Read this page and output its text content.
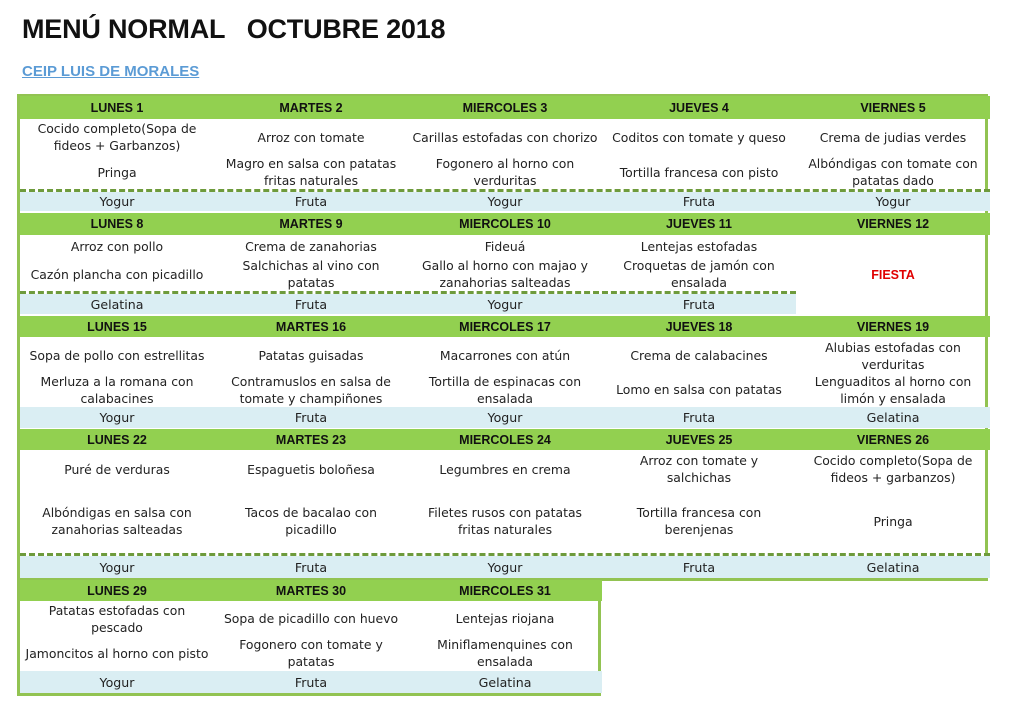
MENÚ NORMAL   OCTUBRE 2018
CEIP LUIS DE MORALES
LUNES 1
Cocido completo(Sopa de fideos + Garbanzos)
Pringa
Yogur
MARTES 2
Arroz con tomate
Magro en salsa con patatas fritas naturales
Fruta
MIERCOLES 3
Carillas estofadas con chorizo
Fogonero al horno con verduritas
Yogur
JUEVES 4
Coditos con tomate y queso
Tortilla francesa con pisto
Fruta
VIERNES 5
Crema de judias verdes
Albóndigas con tomate con patatas dado
Yogur
LUNES 8
Arroz con pollo
Cazón plancha con picadillo
Gelatina
MARTES 9
Crema de zanahorias
Salchichas al vino con patatas
Fruta
MIERCOLES 10
Fideuá
Gallo al horno con majao y zanahorias salteadas
Yogur
JUEVES 11
Lentejas estofadas
Croquetas de jamón con ensalada
Fruta
VIERNES 12
FIESTA
LUNES 15
Sopa de pollo con estrellitas
Merluza a la romana con calabacines
Yogur
MARTES 16
Patatas guisadas
Contramuslos en salsa de tomate y champiñones
Fruta
MIERCOLES 17
Macarrones con atún
Tortilla de espinacas con ensalada
Yogur
JUEVES 18
Crema de calabacines
Lomo en salsa con patatas
Fruta
VIERNES 19
Alubias estofadas con verduritas
Lenguaditos al horno con limón y ensalada
Gelatina
LUNES 22
Puré de verduras
Albóndigas en salsa con zanahorias salteadas
Yogur
MARTES 23
Espaguetis boloñesa
Tacos de bacalao con picadillo
Fruta
MIERCOLES 24
Legumbres en crema
Filetes rusos con patatas fritas naturales
Yogur
JUEVES 25
Arroz con tomate y salchichas
Tortilla francesa con berenjenas
Fruta
VIERNES 26
Cocido completo(Sopa de fideos + garbanzos)
Pringa
Gelatina
LUNES 29
Patatas estofadas con pescado
Jamoncitos al horno con pisto
Yogur
MARTES 30
Sopa de picadillo con huevo
Fogonero con tomate y patatas
Fruta
MIERCOLES 31
Lentejas riojana
Miniflamenquines con ensalada
Gelatina
